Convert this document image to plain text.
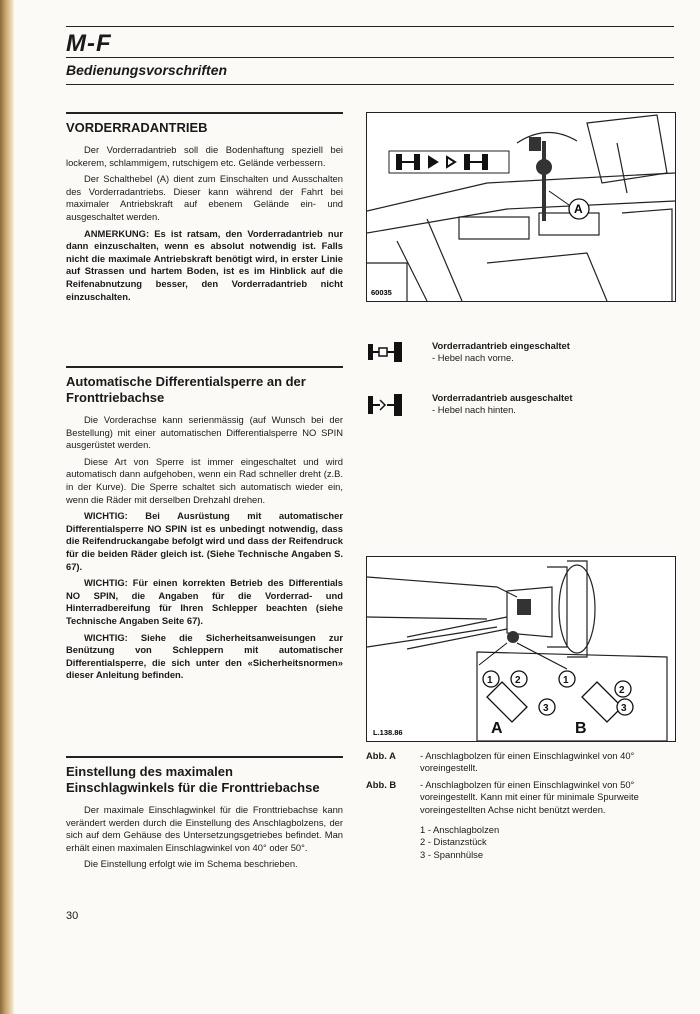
M-F
Bedienungsvorschriften
VORDERRADANTRIEB

Der Vorderradantrieb soll die Bodenhaftung speziell bei lockerem, schlammigem, rutschigem etc. Gelände verbessern.

Der Schalthebel (A) dient zum Einschalten und Ausschalten des Vorderradantriebs. Dieser kann während der Fahrt bei maximaler Antriebskraft auf ebenem Gelände ein- und ausgeschaltet werden.

ANMERKUNG: Es ist ratsam, den Vorderradantrieb nur dann einzuschalten, wenn es absolut notwendig ist. Falls nicht die maximale Antriebskraft benötigt wird, in erster Linie auf Strassen und hartem Boden, ist es im Hinblick auf die Reifenabnutzung besser, den Vorderradantrieb nicht einzuschalten.

Automatische Differentialsperre an der Fronttriebachse

Die Vorderachse kann serienmässig (auf Wunsch bei der Bestellung) mit einer automatischen Differentialsperre NO SPIN ausgerüstet werden.

Diese Art von Sperre ist immer eingeschaltet und wird automatisch dann aufgehoben, wenn ein Rad schneller dreht (z.B. in der Kurve). Die Sperre schaltet sich automatisch wieder ein, wenn die Räder mit derselben Drehzahl drehen.

WICHTIG: Bei Ausrüstung mit automatischer Differentialsperre NO SPIN ist es unbedingt notwendig, dass die Reifendruckangabe befolgt wird und dass der Reifendruck für die beiden Räder gleich ist. (Siehe Technische Angaben S. 67).

WICHTIG: Für einen korrekten Betrieb des Differentials NO SPIN, die Angaben für die Vorderrad- und Hinterradbereifung für Ihren Schlepper beachten (siehe Technische Angaben Seite 67).

WICHTIG: Siehe die Sicherheitsanweisungen zur Benützung von Schleppern mit automatischer Differentialsperre, die sich unter den «Sicherheitsnormen» dieser Anleitung befinden.

Einstellung des maximalen Einschlagwinkels für die Fronttriebachse

Der maximale Einschlagwinkel für die Fronttriebachse kann verändert werden durch die Einstellung des Anschlagbolzens, der sich auf dem Gehäuse des Untersetzungsgetriebes befindet. Man erhält einen maximalen Einschlagwinkel von 40° oder 50°.

Die Einstellung erfolgt wie im Schema beschrieben.

A
60035
Vorderradantrieb eingeschaltet
- Hebel nach vorne.
Vorderradantrieb ausgeschaltet
- Hebel nach hinten.
1 2
3
1
2
3
A	B
L.138.86
Abb. A	- Anschlagbolzen für einen Einschlagwinkel von 40° voreingestellt.
Abb. B	- Anschlagbolzen für einen Einschlagwinkel von 50° voreingestellt. Kann mit einer für minimale Spurweite voreingestellten Achse nicht benützt werden.
1 - Anschlagbolzen
2 - Distanzstück
3 - Spannhülse
30
